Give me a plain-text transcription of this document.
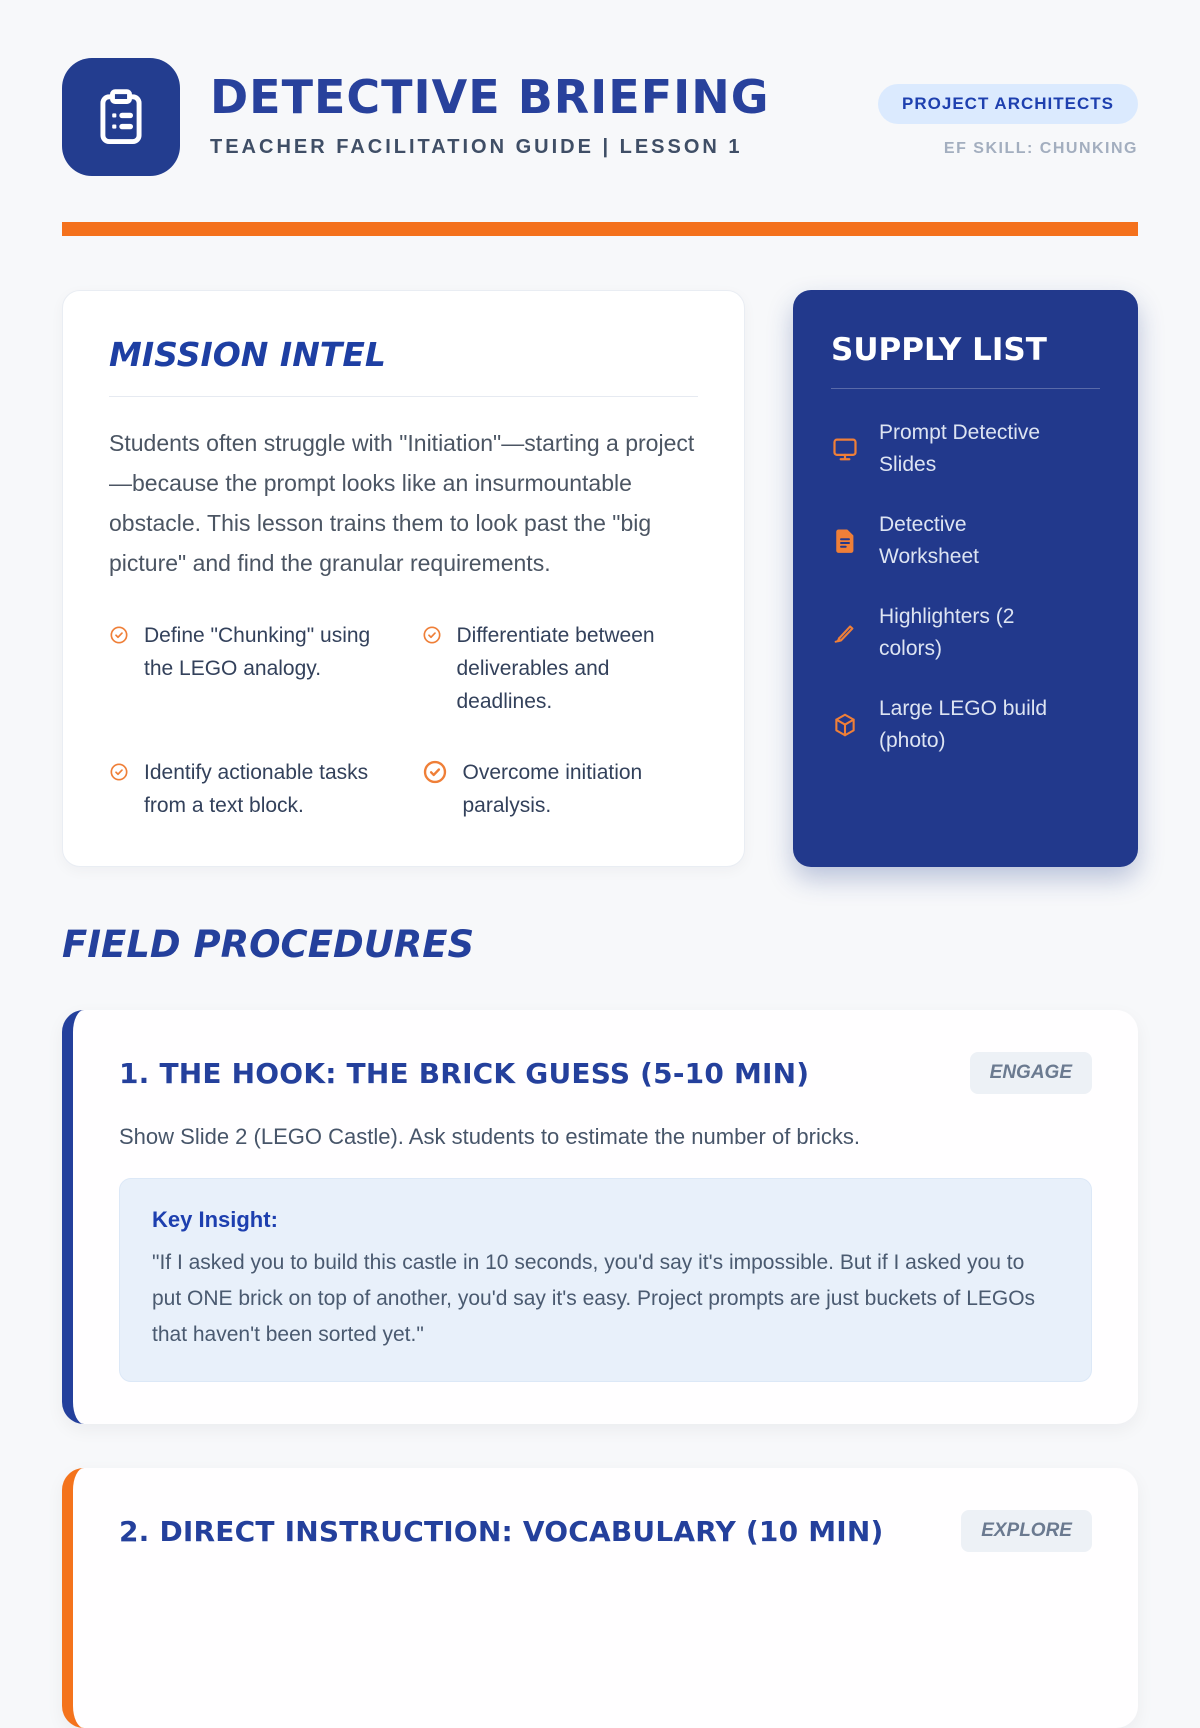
DETECTIVE BRIEFING
TEACHER FACILITATION GUIDE | LESSON 1
PROJECT ARCHITECTS
EF SKILL: CHUNKING
MISSION INTEL

Students often struggle with "Initiation"—starting a project—because the prompt looks like an insurmountable obstacle. This lesson trains them to look past the "big picture" and find the granular requirements.

Define "Chunking" using the LEGO analogy.
Differentiate between deliverables and deadlines.
Identify actionable tasks from a text block.
Overcome initiation paralysis.
SUPPLY LIST
Prompt Detective Slides
Detective Worksheet
Highlighters (2 colors)
Large LEGO build (photo)
FIELD PROCEDURES
1. THE HOOK: THE BRICK GUESS (5-10 MIN)	ENGAGE

Show Slide 2 (LEGO Castle). Ask students to estimate the number of bricks.

Key Insight:
"If I asked you to build this castle in 10 seconds, you'd say it's impossible. But if I asked you to put ONE brick on top of another, you'd say it's easy. Project prompts are just buckets of LEGOs that haven't been sorted yet."
2. DIRECT INSTRUCTION: VOCABULARY (10 MIN)	EXPLORE
